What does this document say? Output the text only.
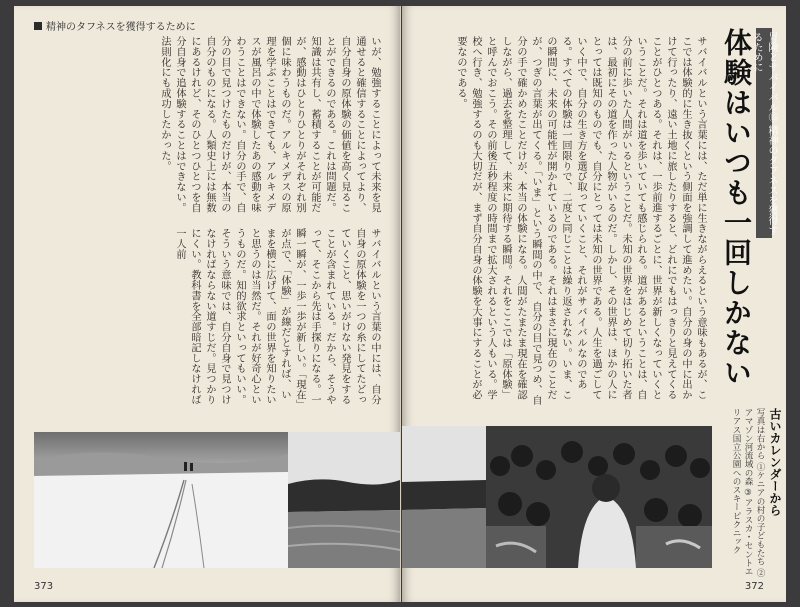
精神のタフネスを獲得するために
いが、勉強することによって未来を見通せると確信することによってより、自分自身の原体験の価値を高く見ることができるのである。これは問題だ。知識は共有し、蓄積することが可能だが、感動はひとりひとりがそれぞれ別個に味わうものだ。アルキメデスの原理を学ぶことはできても、アルキメデスが風呂の中で体験したあの感動を味わうことはできない。自分の手で、自分の目で見つけたものだけが、本当の自分のものになる。人類史上には無数にあるけれど、そのひとつひとつを自分自身で追体験することはできない。法則化にも成功したかった。
サバイバルという言葉の中には、自分自身の原体験を一つの糸にしてたどっていくこと、思いがけない発見をすることが含まれている。だから、そうやって、そこから先は手探りになる。一瞬一瞬が、一歩一歩が新しい。「現在」が点で、「体験」が線だとすれば、いまを横に広げて、面の世界を知りたいと思うのは当然だ。それが好奇心というものだ。知的欲求といってもいい。そういう意味では、自分自身で見つけなければならない道すじだ。見つかりにくい。教科書を全部暗記しなければ一人前
373
サバイバルという言葉には、ただ単に生きながらえるという意味もあるが、ここでは体験的に生き抜くという側面を強調して進めたい。自分の身の中に出かけて行ったり、遠い土地に旅したりすると、どれにでもはっきりと見えてくることがひとつある。それは、一歩前進するごとに、世界が新しくなっていくということだ。それは道を歩いていても感じられる。道があるということは、自分の前に歩いた人間がいるということだ。未知の世界をはじめて切り拓いた者は、最初にその道を作った人物がいるのだ。しかし、その世界は、ほかの人にとっては既知のものでも、自分にとっては未知の世界である。人生を過ごしていく中で、自分の生き方を選び取っていくこと、それがサバイバルなのである。すべての体験は一回限りで、二度と同じことは繰り返されない。いま、この瞬間に、未来の可能性が開かれているのである。それはまさに現在のことだが、つぎの言葉が出てくる。「いま」という瞬間の中で、自分の目で見つめ、自分の手で確かめたことだけが、本当の体験になる。人間がたまたま現在を確認しながら、過去を整理して、未来に期待する瞬間。それをここでは「原体験」と呼んでおこう。その前後五秒程度の時間まで拡大されるという人もいる。学校へ行き、勉強するのも大切だが、まず自分自身の体験を大事にすることが必要なのである。	冒険とサバイバル⑮ 精神のタフネスを獲得するために
体験はいつも一回しかない
古いカレンダーから
写真は右から ①ケニアの村の子どもたち ②アマゾン河流域の森 ③アラスカ・セントエリアス国立公園へのスキーピクニック
372
